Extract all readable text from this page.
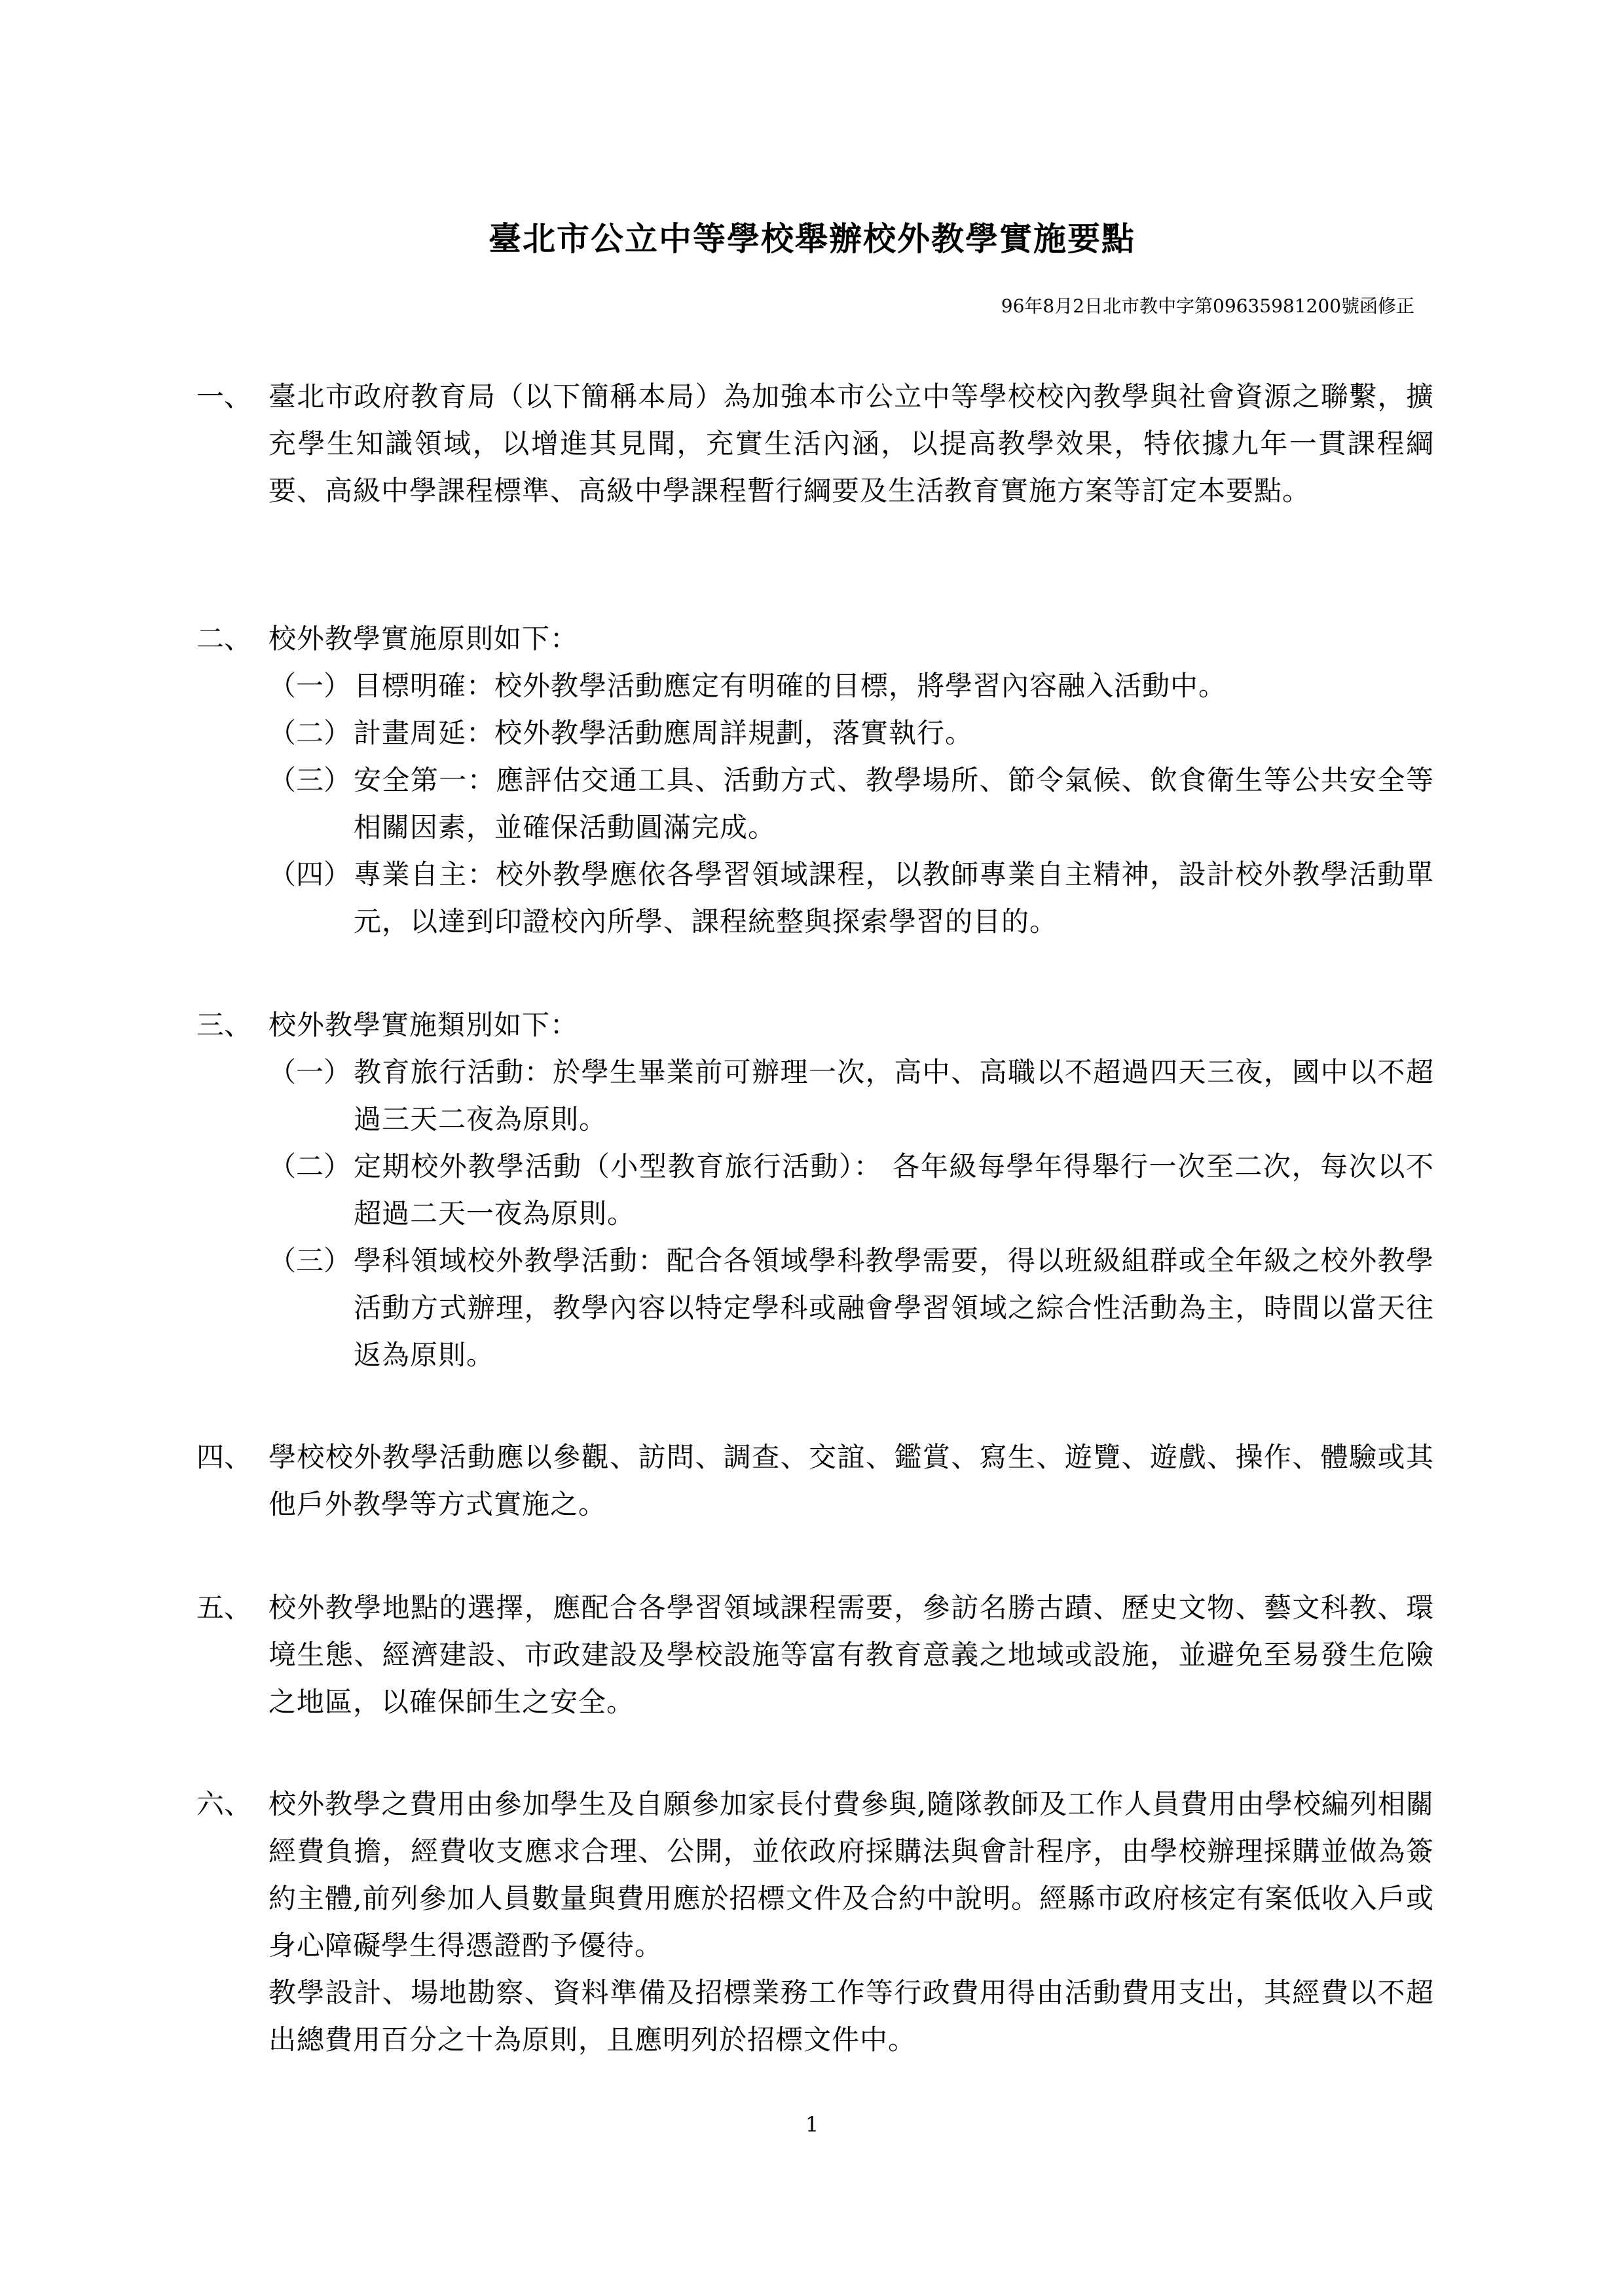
臺北市公立中等學校舉辦校外教學實施要點
96年8月2日北市教中字第09635981200號函修正
一、 臺北市政府教育局（以下簡稱本局）為加強本市公立中等學校校內教學與社會資源之聯繫，擴充學生知識領域，以增進其見聞，充實生活內涵，以提高教學效果，特依據九年一貫課程綱要、高級中學課程標準、高級中學課程暫行綱要及生活教育實施方案等訂定本要點。
二、 校外教學實施原則如下：
（一） 目標明確：校外教學活動應定有明確的目標，將學習內容融入活動中。
（二） 計畫周延：校外教學活動應周詳規劃，落實執行。
（三） 安全第一：應評估交通工具、活動方式、教學場所、節令氣候、飲食衛生等公共安全等相關因素，並確保活動圓滿完成。
（四） 專業自主：校外教學應依各學習領域課程，以教師專業自主精神，設計校外教學活動單元，以達到印證校內所學、課程統整與探索學習的目的。
三、 校外教學實施類別如下：
（一） 教育旅行活動：於學生畢業前可辦理一次，高中、高職以不超過四天三夜，國中以不超過三天二夜為原則。
（二） 定期校外教學活動（小型教育旅行活動）： 各年級每學年得舉行一次至二次，每次以不超過二天一夜為原則。
（三） 學科領域校外教學活動：配合各領域學科教學需要，得以班級組群或全年級之校外教學活動方式辦理，教學內容以特定學科或融會學習領域之綜合性活動為主，時間以當天往返為原則。
四、 學校校外教學活動應以參觀、訪問、調查、交誼、鑑賞、寫生、遊覽、遊戲、操作、體驗或其他戶外教學等方式實施之。
五、 校外教學地點的選擇，應配合各學習領域課程需要，參訪名勝古蹟、歷史文物、藝文科教、環境生態、經濟建設、市政建設及學校設施等富有教育意義之地域或設施，並避免至易發生危險之地區，以確保師生之安全。
六、 校外教學之費用由參加學生及自願參加家長付費參與,隨隊教師及工作人員費用由學校編列相關經費負擔，經費收支應求合理、公開，並依政府採購法與會計程序，由學校辦理採購並做為簽約主體,前列參加人員數量與費用應於招標文件及合約中說明。經縣市政府核定有案低收入戶或身心障礙學生得憑證酌予優待。
教學設計、場地勘察、資料準備及招標業務工作等行政費用得由活動費用支出，其經費以不超出總費用百分之十為原則，且應明列於招標文件中。
1
